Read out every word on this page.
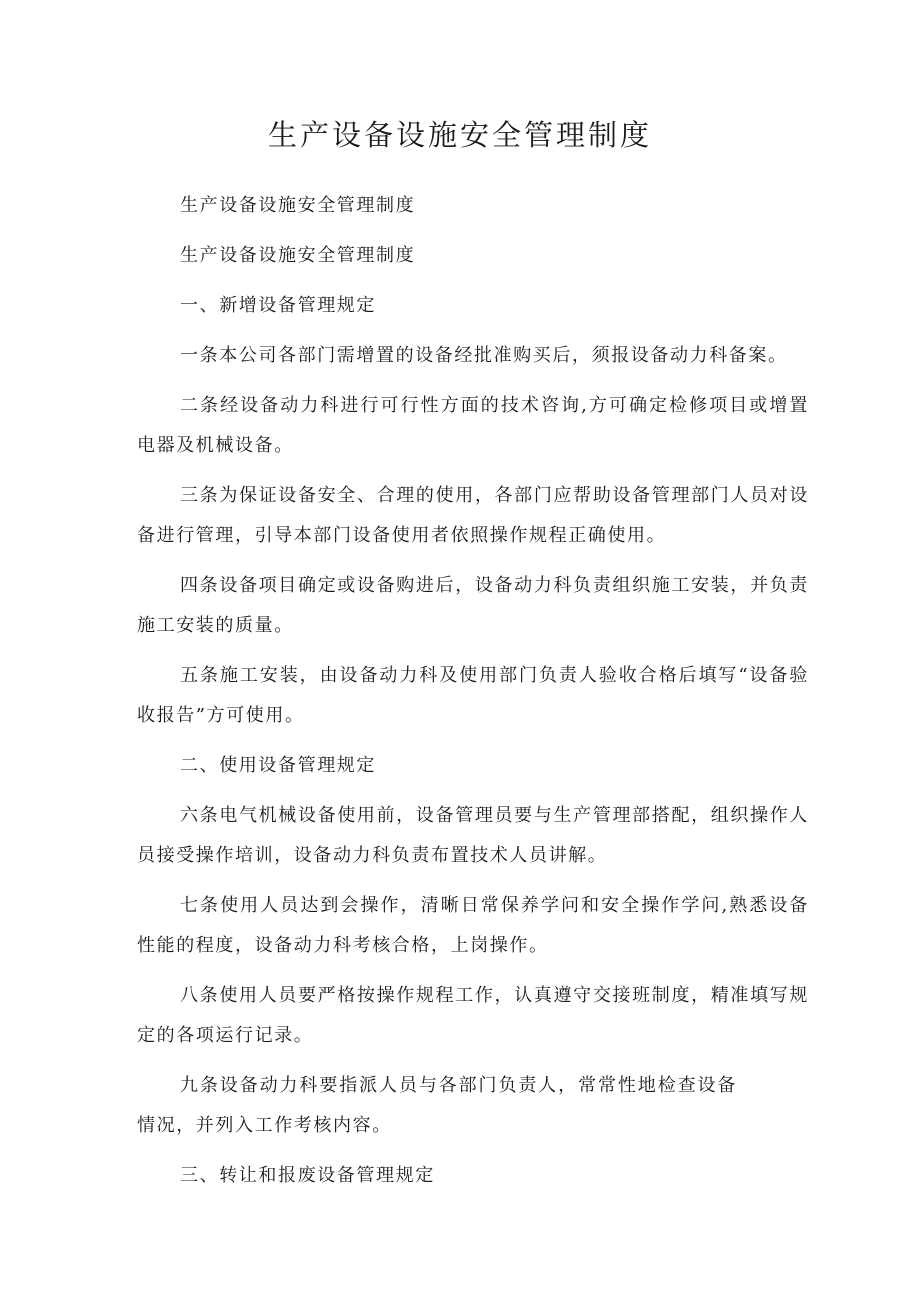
生产设备设施安全管理制度

生产设备设施安全管理制度

生产设备设施安全管理制度

一、新增设备管理规定

一条本公司各部门需增置的设备经批准购买后，须报设备动力科备案。

二条经设备动力科进行可行性方面的技术咨询,方可确定检修项目或增置电器及机械设备。

三条为保证设备安全、合理的使用，各部门应帮助设备管理部门人员对设备进行管理，引导本部门设备使用者依照操作规程正确使用。

四条设备项目确定或设备购进后，设备动力科负责组织施工安装，并负责施工安装的质量。

五条施工安装，由设备动力科及使用部门负责人验收合格后填写“设备验收报告”方可使用。

二、使用设备管理规定

六条电气机械设备使用前，设备管理员要与生产管理部搭配，组织操作人员接受操作培训，设备动力科负责布置技术人员讲解。

七条使用人员达到会操作，清晰日常保养学问和安全操作学问,熟悉设备性能的程度，设备动力科考核合格，上岗操作。

八条使用人员要严格按操作规程工作，认真遵守交接班制度，精准填写规定的各项运行记录。

九条设备动力科要指派人员与各部门负责人，常常性地检查设备情况，并列入工作考核内容。

三、转让和报废设备管理规定
